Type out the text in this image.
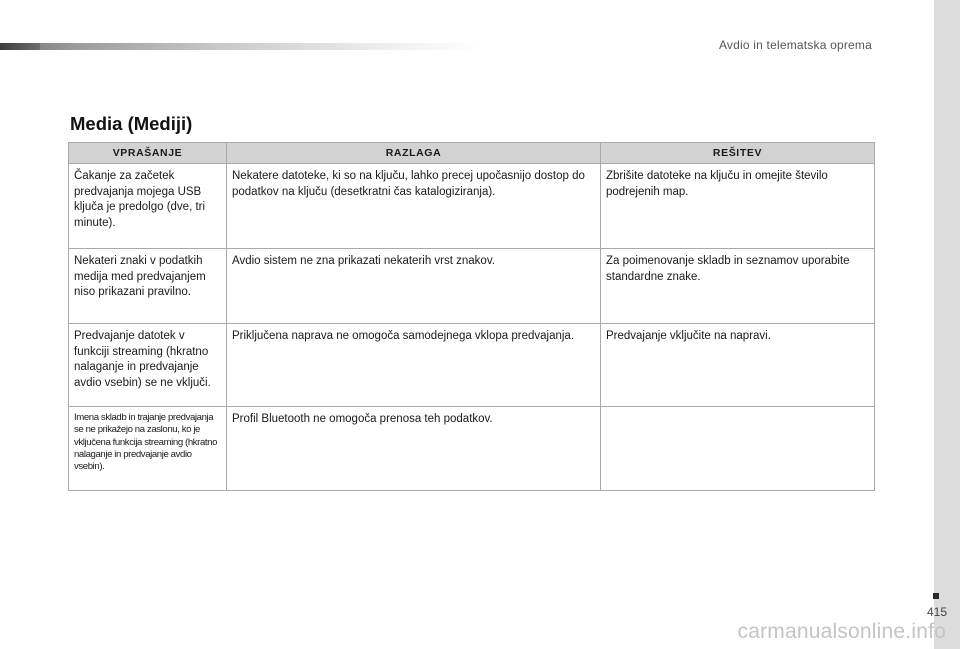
Avdio in telematska oprema
Media (Mediji)
VPRAŠANJE	RAZLAGA	REŠITEV
Čakanje za začetek predvajanja mojega USB ključa je predolgo (dve, tri minute).	Nekatere datoteke, ki so na ključu, lahko precej upočasnijo dostop do podatkov na ključu (desetkratni čas katalogiziranja).	Zbrišite datoteke na ključu in omejite število podrejenih map.
Nekateri znaki v podatkih medija med predvajanjem niso prikazani pravilno.	Avdio sistem ne zna prikazati nekaterih vrst znakov.	Za poimenovanje skladb in seznamov uporabite standardne znake.
Predvajanje datotek v funkciji streaming (hkratno nalaganje in predvajanje avdio vsebin) se ne vključi.	Priključena naprava ne omogoča samodejnega vklopa predvajanja.	Predvajanje vključite na napravi.
Imena skladb in trajanje predvajanja se ne prikažejo na zaslonu, ko je vključena funkcija streaming (hkratno nalaganje in predvajanje avdio vsebin).	Profil Bluetooth ne omogoča prenosa teh podatkov.	
415
carmanualsonline.info
